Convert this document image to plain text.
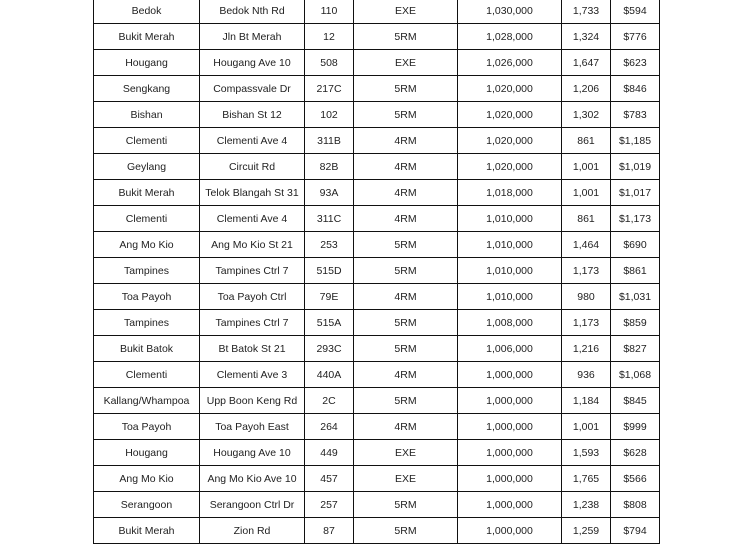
Bedok	Bedok Nth Rd	110	EXE	1,030,000	1,733	$594
Bukit Merah	Jln Bt Merah	12	5RM	1,028,000	1,324	$776
Hougang	Hougang Ave 10	508	EXE	1,026,000	1,647	$623
Sengkang	Compassvale Dr	217C	5RM	1,020,000	1,206	$846
Bishan	Bishan St 12	102	5RM	1,020,000	1,302	$783
Clementi	Clementi Ave 4	311B	4RM	1,020,000	861	$1,185
Geylang	Circuit Rd	82B	4RM	1,020,000	1,001	$1,019
Bukit Merah	Telok Blangah St 31	93A	4RM	1,018,000	1,001	$1,017
Clementi	Clementi Ave 4	311C	4RM	1,010,000	861	$1,173
Ang Mo Kio	Ang Mo Kio St 21	253	5RM	1,010,000	1,464	$690
Tampines	Tampines Ctrl 7	515D	5RM	1,010,000	1,173	$861
Toa Payoh	Toa Payoh Ctrl	79E	4RM	1,010,000	980	$1,031
Tampines	Tampines Ctrl 7	515A	5RM	1,008,000	1,173	$859
Bukit Batok	Bt Batok St 21	293C	5RM	1,006,000	1,216	$827
Clementi	Clementi Ave 3	440A	4RM	1,000,000	936	$1,068
Kallang/Whampoa	Upp Boon Keng Rd	2C	5RM	1,000,000	1,184	$845
Toa Payoh	Toa Payoh East	264	4RM	1,000,000	1,001	$999
Hougang	Hougang Ave 10	449	EXE	1,000,000	1,593	$628
Ang Mo Kio	Ang Mo Kio Ave 10	457	EXE	1,000,000	1,765	$566
Serangoon	Serangoon Ctrl Dr	257	5RM	1,000,000	1,238	$808
Bukit Merah	Zion Rd	87	5RM	1,000,000	1,259	$794
